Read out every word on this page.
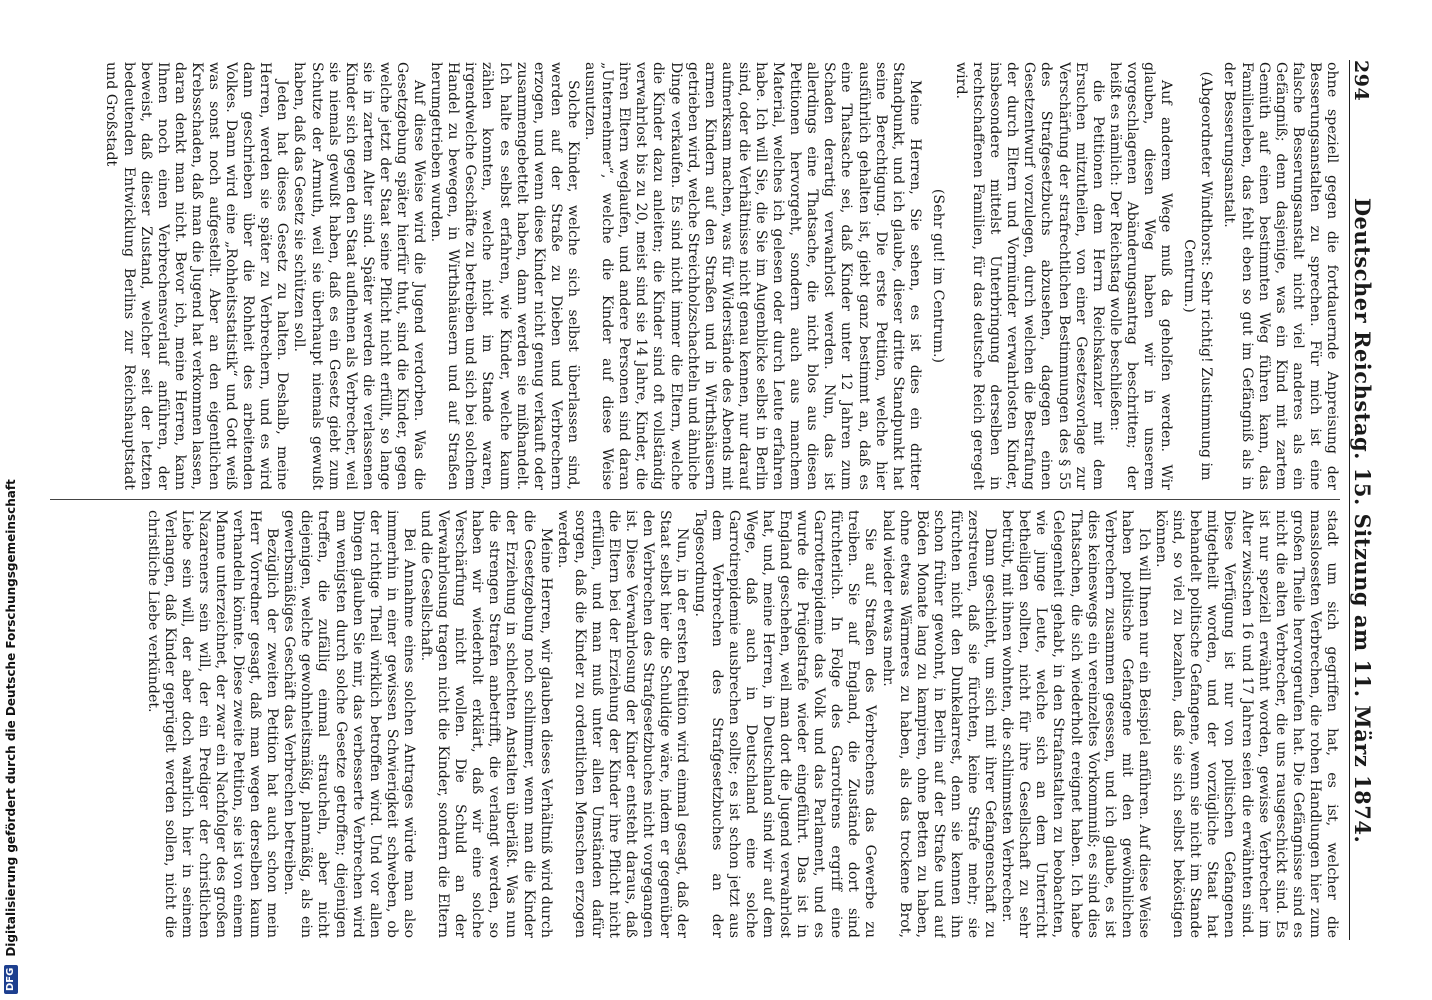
294
Deutscher Reichstag. 15. Sitzung am 11. März 1874.

ohne speziell gegen die fortdauernde Anpreisung der Besserungsanstalten zu sprechen. Für mich ist eine falsche Besserungsanstalt nicht viel anderes als ein Gefängniß; denn dasjenige, was ein Kind mit zartem Gemüth auf einen bestimmten Weg führen kann, das Familienleben, das fehlt eben so gut im Gefängniß als in der Besserungsanstalt.

(Abgeordneter Windthorst: Sehr richtig! Zustimmung im Centrum.)

Auf anderem Wege muß da geholfen werden. Wir glauben, diesen Weg haben wir in unserem vorgeschlagenen Abänderungsantrag beschritten; der heißt es nämlich: Der Reichstag wolle beschließen:

die Petitionen dem Herrn Reichskanzler mit dem Ersuchen mitzutheilen, von einer Gesetzesvorlage zur Verschärfung der strafrechtlichen Bestimmungen des § 55 des Strafgesetzbuchs abzusehen, dagegen einen Gesetzentwurf vorzulegen, durch welchen die Bestrafung der durch Eltern und Vormünder verwahrlosten Kinder, insbesondere mittelst Unterbringung derselben in rechtschaffenen Familien, für das deutsche Reich geregelt wird.

(Sehr gut! im Centrum.)

Meine Herren, Sie sehen, es ist dies ein dritter Standpunkt, und ich glaube, dieser dritte Standpunkt hat seine Berechtigung. Die erste Petition, welche hier ausführlich gehalten ist, giebt ganz bestimmt an, daß es eine Thatsache sei, daß Kinder unter 12 Jahren zum Schaden derartig verwahrlost werden. Nun, das ist allerdings eine Thatsache, die nicht blos aus diesen Petitionen hervorgeht, sondern auch aus manchem Material, welches ich gelesen oder durch Leute erfahren habe. Ich will Sie, die Sie im Augenblicke selbst in Berlin sind, oder die Verhältnisse nicht genau kennen, nur darauf aufmerksam machen, was für Widerstände des Abends mit armen Kindern auf den Straßen und in Wirthshäusern getrieben wird, welche Streichholzschachteln und ähnliche Dinge verkaufen. Es sind nicht immer die Eltern, welche die Kinder dazu anleiten; die Kinder sind oft vollständig verwahrlost bis zu 20, meist sind sie 14 Jahre, Kinder, die ihren Eltern weglaufen, und andere Personen sind daran „Unternehmer“, welche die Kinder auf diese Weise ausnutzen.

Solche Kinder, welche sich selbst überlassen sind, werden auf der Straße zu Dieben und Verbrechern erzogen, und wenn diese Kinder nicht genug verkauft oder zusammengebettelt haben, dann werden sie mißhandelt. Ich halte es selbst erfahren, wie Kinder, welche kaum zählen konnten, welche nicht im Stande waren, irgendwelche Geschäfte zu betreiben und sich bei solchem Handel zu bewegen, in Wirthshäusern und auf Straßen herumgetrieben wurden.

Auf diese Weise wird die Jugend verdorben. Was die Gesetzgebung später hierfür thut, sind die Kinder, gegen welche jetzt der Staat seine Pflicht nicht erfüllt, so lange sie in zartem Alter sind. Später werden die verlassenen Kinder sich gegen den Staat auflehnen als Verbrecher, weil sie niemals gewußt haben, daß es ein Gesetz giebt zum Schutze der Armuth, weil sie überhaupt niemals gewußt haben, daß das Gesetz sie schützen soll.

Jeden hat dieses Gesetz zu halten. Deshalb, meine Herren, werden sie später zu Verbrechern, und es wird dann geschrieben über die Rohheit des arbeitenden Volkes. Dann wird eine „Rohheitsstatistik“ und Gott weiß was sonst noch aufgestellt. Aber an den eigentlichen Krebsschaden, daß man die Jugend hat verkommen lassen, daran denkt man nicht. Bevor ich, meine Herren, kann Ihnen noch einen Verbrechensverlauf anführen, der beweist, daß dieser Zustand, welcher seit der letzten bedeutenden Entwicklung Berlins zur Reichshauptstadt und Großstadt

stadt um sich gegriffen hat, es ist, welcher die masslosesten Verbrechen, die rohen Handlungen hier zum großen Theile hervorgerufen hat. Die Gefängnisse sind es nicht die alten Verbrecher, die uns rausgeschickt sind. Es ist nur speziell erwähnt worden, gewisse Verbrecher im Alter zwischen 16 und 17 Jahren seien die erwähnten sind. Diese Verfügung ist nur von politischen Gefangenen mitgetheilt worden, und der vorzügliche Staat hat behandelt politische Gefangene, wenn sie nicht im Stande sind, so viel zu bezahlen, daß sie sich selbst beköstigen können.

Ich will Ihnen nur ein Beispiel anführen. Auf diese Weise haben politische Gefangene mit den gewöhnlichen Verbrechern zusammen gesessen, und ich glaube, es ist dies keineswegs ein vereinzeltes Vorkommniß; es sind dies Thatsachen, die sich wiederholt ereignet haben. Ich habe Gelegenheit gehabt, in den Strafanstalten zu beobachten, wie junge Leute, welche sich an dem Unterricht betheiligen sollten, nicht für ihre Gesellschaft zu sehr betrübt, mit ihnen wohnten, die schlimmsten Verbrecher.

Dann geschieht, um sich mit ihrer Gefangenschaft zu zerstreuen, daß sie fürchten, keine Strafe mehr; sie fürchten nicht den Dunkelarrest, denn sie kennen ihn schon früher gewohnt, in Berlin auf der Straße und auf Böden Monate lang zu kampiren, ohne Betten zu haben, ohne etwas Wärmeres zu haben, als das trockene Brot, bald wieder etwas mehr.

Sie auf Straßen des Verbrechens das Gewerbe zu treiben. Sie auf England, die Zustände dort sind fürchterlich. In Folge des Garrotirens ergriff eine Garrotterepidemie das Volk und das Parlament, und es wurde die Prügelstrafe wieder eingeführt. Das ist in England geschehen, weil man dort die Jugend verwahrlost hat, und, meine Herren, in Deutschland sind wir auf dem Wege, daß auch in Deutschland eine solche Garrotirepidemie ausbrechen sollte; es ist schon jetzt aus dem Verbrechen des Strafgesetzbuches an der Tagesordnung.

Nun, in der ersten Petition wird einmal gesagt, daß der Staat selbst hier die Schuldige wäre, indem er gegenüber den Verbrechen des Strafgesetzbuches nicht vorgegangen ist. Diese Verwahrlosung der Kinder entsteht daraus, daß die Eltern bei der Erziehung der Kinder ihre Pflicht nicht erfüllen, und man muß unter allen Umständen dafür sorgen, daß die Kinder zu ordentlichen Menschen erzogen werden.

Meine Herren, wir glauben dieses Verhältniß wird durch die Gesetzgebung noch schlimmer, wenn man die Kinder der Erziehung in schlechten Anstalten überläßt. Was nun die strengen Strafen anbetrifft, die verlangt werden, so haben wir wiederholt erklärt, daß wir eine solche Verschärfung nicht wollen. Die Schuld an der Verwahrlosung tragen nicht die Kinder, sondern die Eltern und die Gesellschaft.

Bei Annahme eines solchen Antrages würde man also immerhin in einer gewissen Schwierigkeit schweben, ob der richtige Theil wirklich betroffen wird. Und vor allen Dingen glauben Sie mir, das verbesserte Verbrechen wird am wenigsten durch solche Gesetze getroffen; diejenigen treffen, die zufällig einmal straucheln, aber nicht diejenigen, welche gewohnheitsmäßig, planmäßig, als ein gewerbsmäßiges Geschäft das Verbrechen betreiben.

Bezüglich der zweiten Petition hat auch schon mein Herr Vorredner gesagt, daß man wegen derselben kaum verhandeln könnte. Diese zweite Petition, sie ist von einem Manne unterzeichnet, der zwar ein Nachfolger des großen Nazareners sein will, der ein Prediger der christlichen Liebe sein will, der aber doch wahrlich hier in seinem Verlangen, daß Kinder geprügelt werden sollen, nicht die christliche Liebe verkündet.

DFG
Digitalisierung gefördert durch die Deutsche Forschungsgemeinschaft
